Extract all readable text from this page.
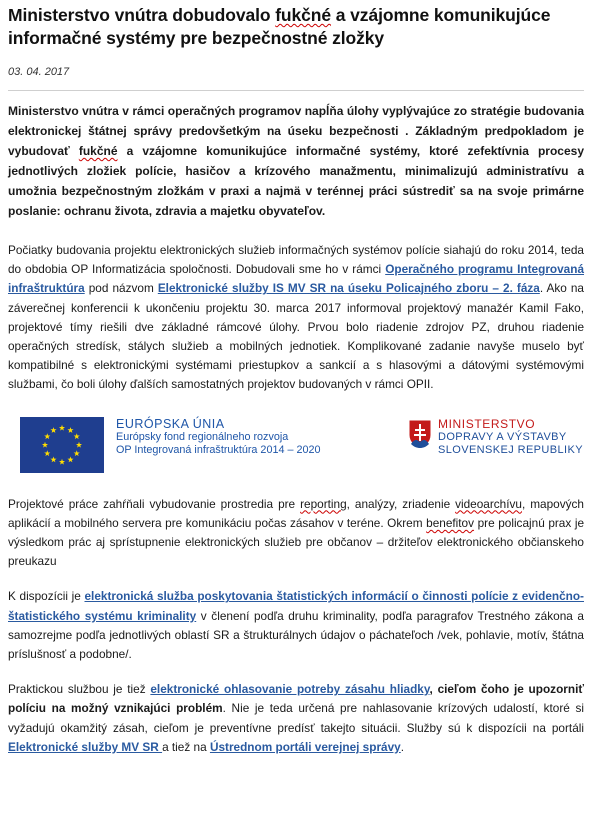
Ministerstvo vnútra dobudovalo fukčné a vzájomne komunikujúce informačné systémy pre bezpečnostné zložky
03. 04. 2017

Ministerstvo vnútra v rámci operačných programov napĺňa úlohy vyplývajúce zo stratégie budovania elektronickej štátnej správy predovšetkým na úseku bezpečnosti . Základným predpokladom je vybudovať fukčné a vzájomne komunikujúce informačné systémy, ktoré zefektívnia procesy jednotlivých zložiek polície, hasičov a krízového manažmentu, minimalizujú administratívu a umožnia bezpečnostným zložkám v praxi a najmä v terénnej práci sústrediť sa na svoje primárne poslanie: ochranu života, zdravia a majetku obyvateľov.

Počiatky budovania projektu elektronických služieb informačných systémov polície siahajú do roku 2014, teda do obdobia OP Informatizácia spoločnosti. Dobudovali sme ho v rámci Operačného programu Integrovaná infraštruktúra pod názvom Elektronické služby IS MV SR na úseku Policajného zboru – 2. fáza. Ako na záverečnej konferencii k ukončeniu projektu 30. marca 2017 informoval projektový manažér Kamil Fako, projektové tímy riešili dve základné rámcové úlohy. Prvou bolo riadenie zdrojov PZ, druhou riadenie operačných stredísk, stálych služieb a mobilných jednotiek. Komplikované zadanie navyše muselo byť kompatibilné s elektronickými systémami priestupkov a sankcií a s hlasovými a dátovými systémovými službami, čo boli úlohy ďalších samostatných projektov budovaných v rámci OPII.

EURÓPSKA ÚNIA
Európsky fond regionálneho rozvoja
OP Integrovaná infraštruktúra 2014 – 2020
MINISTERSTVO
DOPRAVY A VÝSTAVBY
SLOVENSKEJ REPUBLIKY

Projektové práce zahŕňali vybudovanie prostredia pre reporting, analýzy, zriadenie videoarchívu, mapových aplikácií a mobilného servera pre komunikáciu počas zásahov v teréne. Okrem benefitov pre policajnú prax je výsledkom prác aj sprístupnenie elektronických služieb pre občanov – držiteľov elektronického občianskeho preukazu

K dispozícii je elektronická služba poskytovania štatistických informácií o činnosti polície z evidenčno-štatistického systému kriminality v členení podľa druhu kriminality, podľa paragrafov Trestného zákona a samozrejme podľa jednotlivých oblastí SR a štrukturálnych údajov o páchateľoch /vek, pohlavie, motív, štátna príslušnosť a podobne/.

Praktickou službou je tiež elektronické ohlasovanie potreby zásahu hliadky, cieľom čoho je upozorniť políciu na možný vznikajúci problém. Nie je teda určená pre nahlasovanie krízových udalostí, ktoré si vyžadujú okamžitý zásah, cieľom je preventívne predísť takejto situácii. Služby sú k dispozícii na portáli Elektronické služby MV SR a tiež na Ústrednom portáli verejnej správy.
